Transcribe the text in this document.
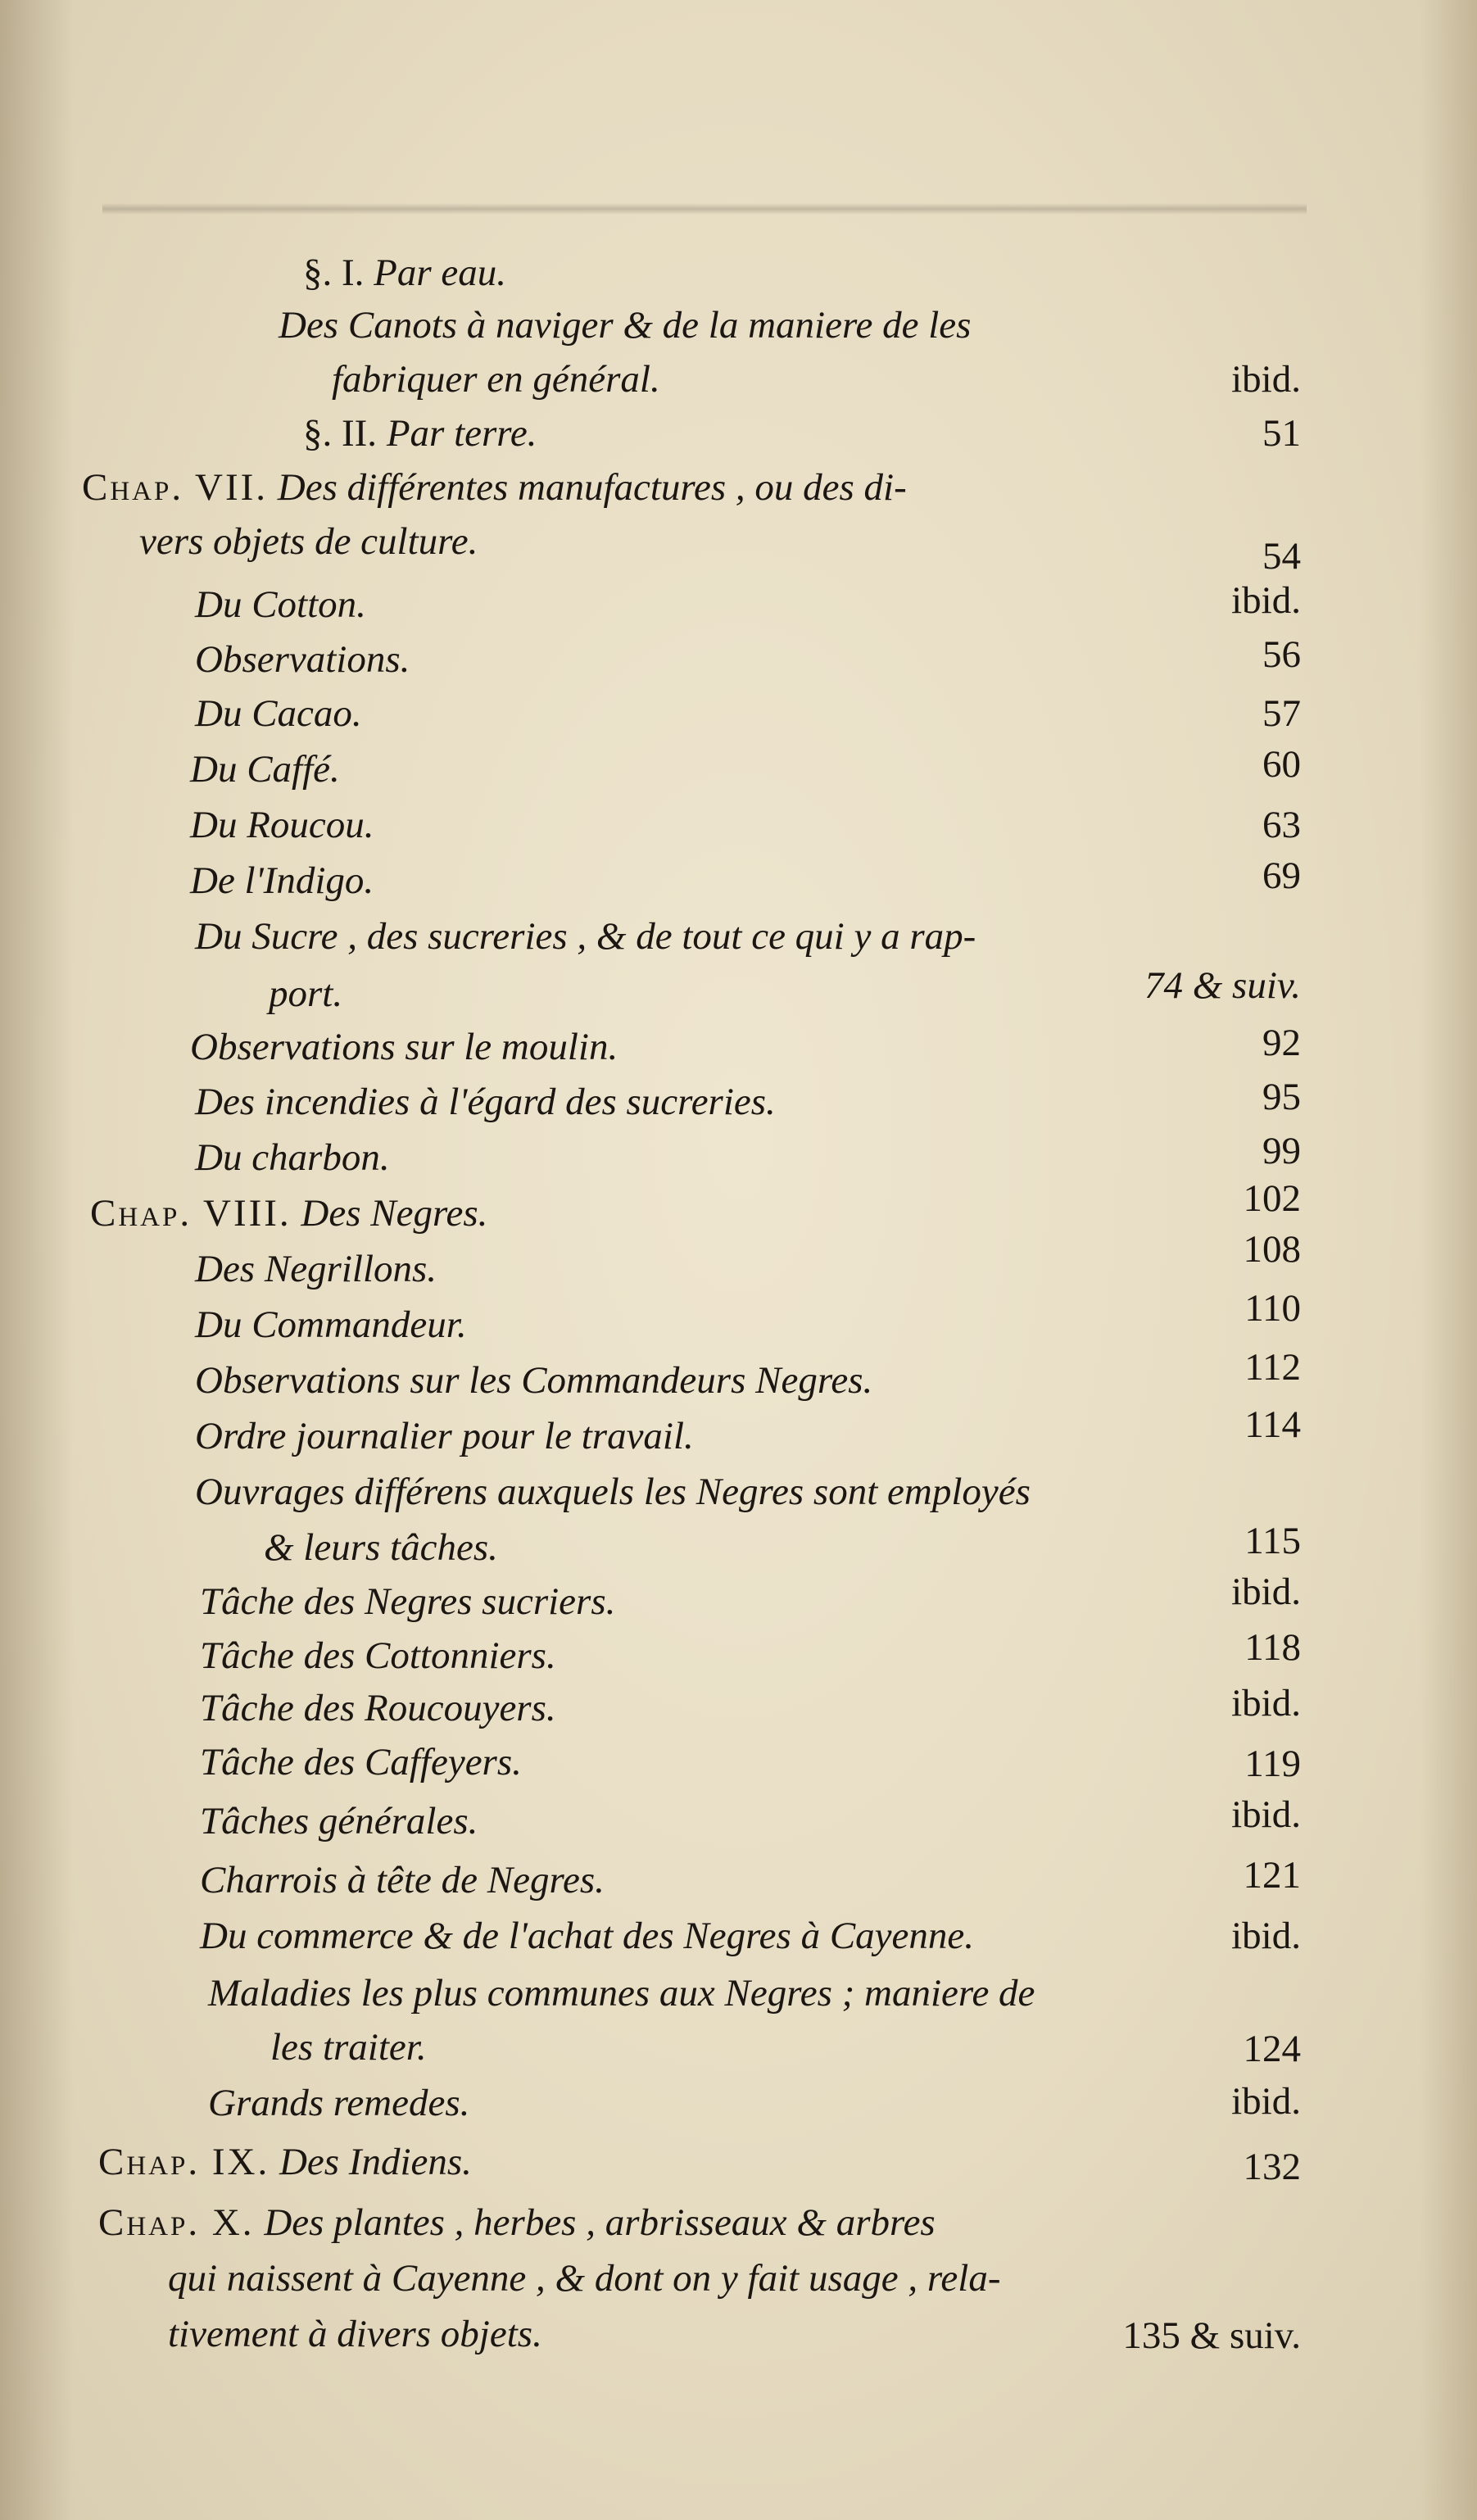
§. I. Par eau.
Des Canots à naviger & de la maniere de les
fabriquer en général.	ibid.
§. II. Par terre.	51
Chap. VII. Des différentes manufactures , ou des di-
vers objets de culture.	54
Du Cotton.	ibid.
Observations.	56
Du Cacao.	57
Du Caffé.	60
Du Roucou.	63
De l'Indigo.	69
Du Sucre , des sucreries , & de tout ce qui y a rap-
port.	74 & suiv.
Observations sur le moulin.	92
Des incendies à l'égard des sucreries.	95
Du charbon.	99
Chap. VIII. Des Negres.	102
Des Negrillons.	108
Du Commandeur.	110
Observations sur les Commandeurs Negres.	112
Ordre journalier pour le travail.	114
Ouvrages différens auxquels les Negres sont employés
& leurs tâches.	115
Tâche des Negres sucriers.	ibid.
Tâche des Cottonniers.	118
Tâche des Roucouyers.	ibid.
Tâche des Caffeyers.	119
Tâches générales.	ibid.
Charrois à tête de Negres.	121
Du commerce & de l'achat des Negres à Cayenne.	ibid.
Maladies les plus communes aux Negres ; maniere de
les traiter.	124
Grands remedes.	ibid.
Chap. IX. Des Indiens.	132
Chap. X. Des plantes , herbes , arbrisseaux & arbres
qui naissent à Cayenne , & dont on y fait usage , rela-
tivement à divers objets.	135 & suiv.
